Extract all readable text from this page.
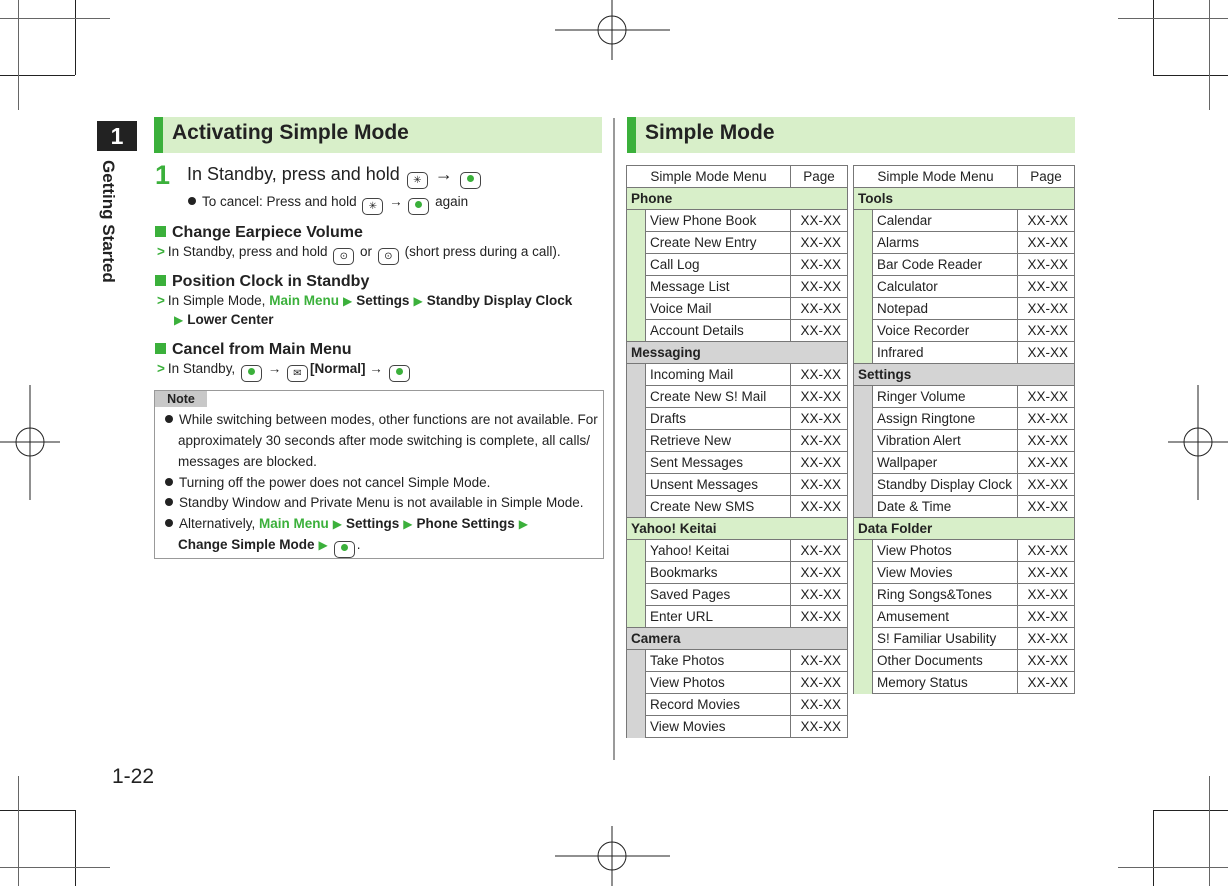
1
Getting Started
1-22
Activating Simple Mode
1 In Standby, press and hold ✳ →
To cancel: Press and hold ✳ →  again
Change Earpiece Volume
> In Standby, press and hold ⊙ or ⊙ (short press during a call).
Position Clock in Standby
> In Simple Mode, Main Menu ▶ Settings ▶ Standby Display Clock
▶ Lower Center
Cancel from Main Menu
> In Standby,  → ✉ [Normal] →
Note
While switching between modes, other functions are not available. For
approximately 30 seconds after mode switching is complete, all calls/
messages are blocked.
Turning off the power does not cancel Simple Mode.
Standby Window and Private Menu is not available in Simple Mode.
Alternatively, Main Menu ▶ Settings ▶ Phone Settings ▶
Change Simple Mode ▶ .
Simple Mode
Simple Mode Menu		Page
Phone		
	View Phone Book	XX-XX
	Create New Entry	XX-XX
	Call Log	XX-XX
	Message List	XX-XX
	Voice Mail	XX-XX
	Account Details	XX-XX
Messaging		
	Incoming Mail	XX-XX
	Create New S! Mail	XX-XX
	Drafts	XX-XX
	Retrieve New	XX-XX
	Sent Messages	XX-XX
	Unsent Messages	XX-XX
	Create New SMS	XX-XX
Yahoo! Keitai		
	Yahoo! Keitai	XX-XX
	Bookmarks	XX-XX
	Saved Pages	XX-XX
	Enter URL	XX-XX
Camera		
	Take Photos	XX-XX
	View Photos	XX-XX
	Record Movies	XX-XX
	View Movies	XX-XX
Simple Mode Menu		Page
Tools		
	Calendar	XX-XX
	Alarms	XX-XX
	Bar Code Reader	XX-XX
	Calculator	XX-XX
	Notepad	XX-XX
	Voice Recorder	XX-XX
	Infrared	XX-XX
Settings		
	Ringer Volume	XX-XX
	Assign Ringtone	XX-XX
	Vibration Alert	XX-XX
	Wallpaper	XX-XX
	Standby Display Clock	XX-XX
	Date & Time	XX-XX
Data Folder		
	View Photos	XX-XX
	View Movies	XX-XX
	Ring Songs&Tones	XX-XX
	Amusement	XX-XX
	S! Familiar Usability	XX-XX
	Other Documents	XX-XX
	Memory Status	XX-XX
